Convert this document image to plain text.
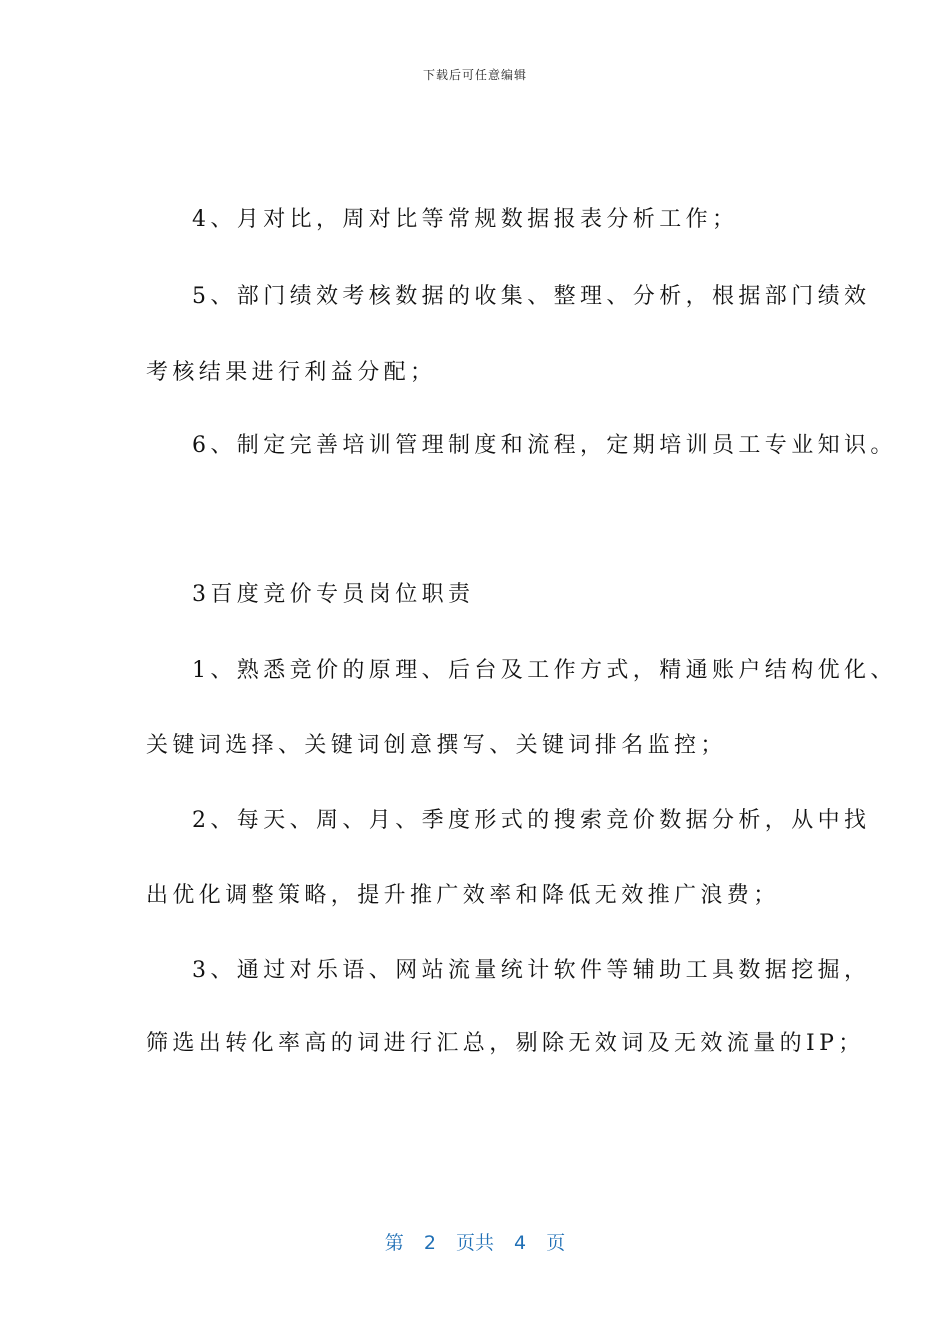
下载后可任意编辑
4、月对比，周对比等常规数据报表分析工作；
5、部门绩效考核数据的收集、整理、分析，根据部门绩效
考核结果进行利益分配；
6、制定完善培训管理制度和流程，定期培训员工专业知识。
3百度竞价专员岗位职责
1、熟悉竞价的原理、后台及工作方式，精通账户结构优化、
关键词选择、关键词创意撰写、关键词排名监控；
2、每天、周、月、季度形式的搜索竞价数据分析，从中找
出优化调整策略，提升推广效率和降低无效推广浪费；
3、通过对乐语、网站流量统计软件等辅助工具数据挖掘，
筛选出转化率高的词进行汇总，剔除无效词及无效流量的IP；
第 2 页共 4 页
